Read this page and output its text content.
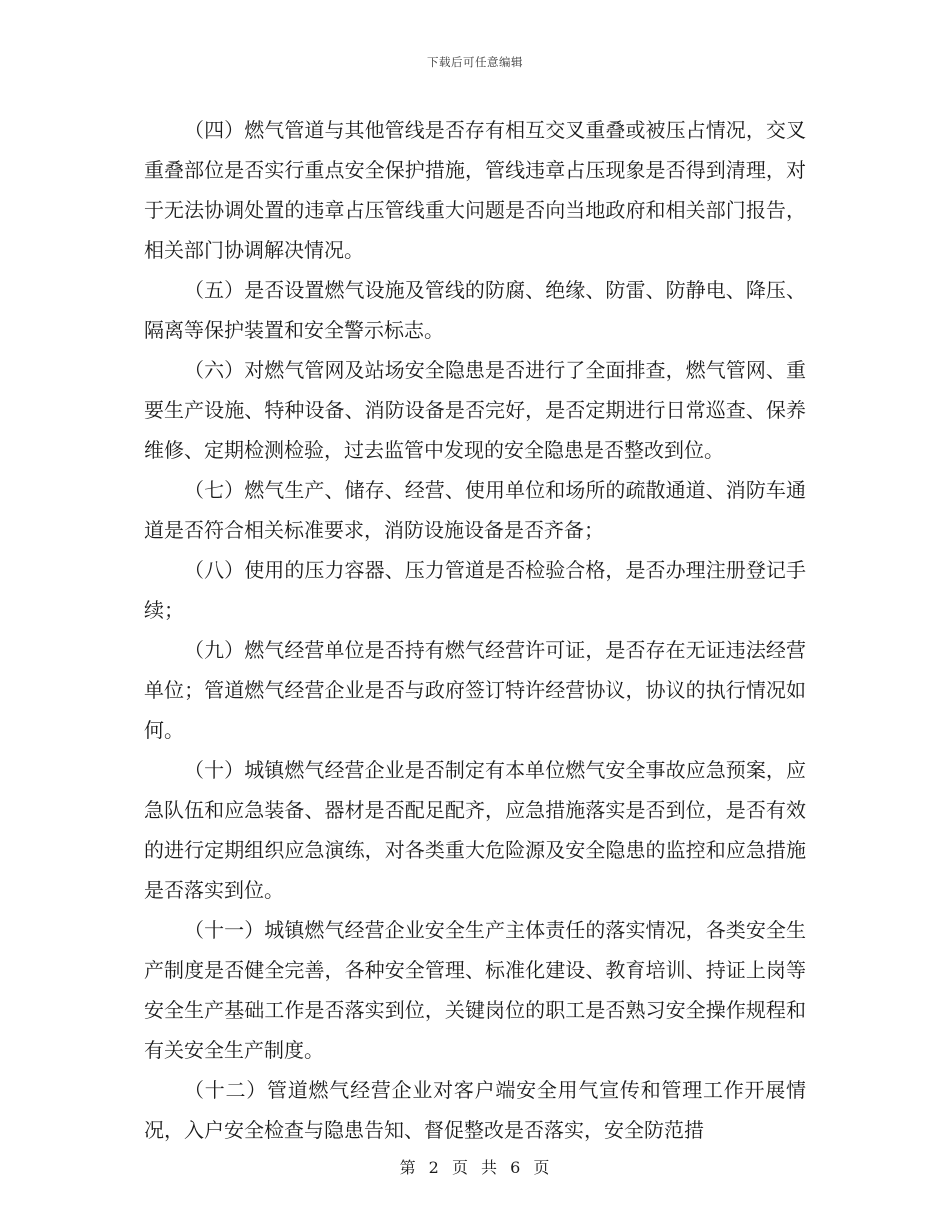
下载后可任意编辑

（四）燃气管道与其他管线是否存有相互交叉重叠或被压占情况，交叉重叠部位是否实行重点安全保护措施，管线违章占压现象是否得到清理，对于无法协调处置的违章占压管线重大问题是否向当地政府和相关部门报告，相关部门协调解决情况。

（五）是否设置燃气设施及管线的防腐、绝缘、防雷、防静电、降压、隔离等保护装置和安全警示标志。

（六）对燃气管网及站场安全隐患是否进行了全面排查，燃气管网、重要生产设施、特种设备、消防设备是否完好，是否定期进行日常巡查、保养维修、定期检测检验，过去监管中发现的安全隐患是否整改到位。

（七）燃气生产、储存、经营、使用单位和场所的疏散通道、消防车通道是否符合相关标准要求，消防设施设备是否齐备；

（八）使用的压力容器、压力管道是否检验合格，是否办理注册登记手续；

（九）燃气经营单位是否持有燃气经营许可证，是否存在无证违法经营单位；管道燃气经营企业是否与政府签订特许经营协议，协议的执行情况如何。

（十）城镇燃气经营企业是否制定有本单位燃气安全事故应急预案，应急队伍和应急装备、器材是否配足配齐，应急措施落实是否到位，是否有效的进行定期组织应急演练，对各类重大危险源及安全隐患的监控和应急措施是否落实到位。

（十一）城镇燃气经营企业安全生产主体责任的落实情况，各类安全生产制度是否健全完善，各种安全管理、标准化建设、教育培训、持证上岗等安全生产基础工作是否落实到位，关键岗位的职工是否熟习安全操作规程和有关安全生产制度。

（十二）管道燃气经营企业对客户端安全用气宣传和管理工作开展情况，入户安全检查与隐患告知、督促整改是否落实，安全防范措

第 2 页 共 6 页
